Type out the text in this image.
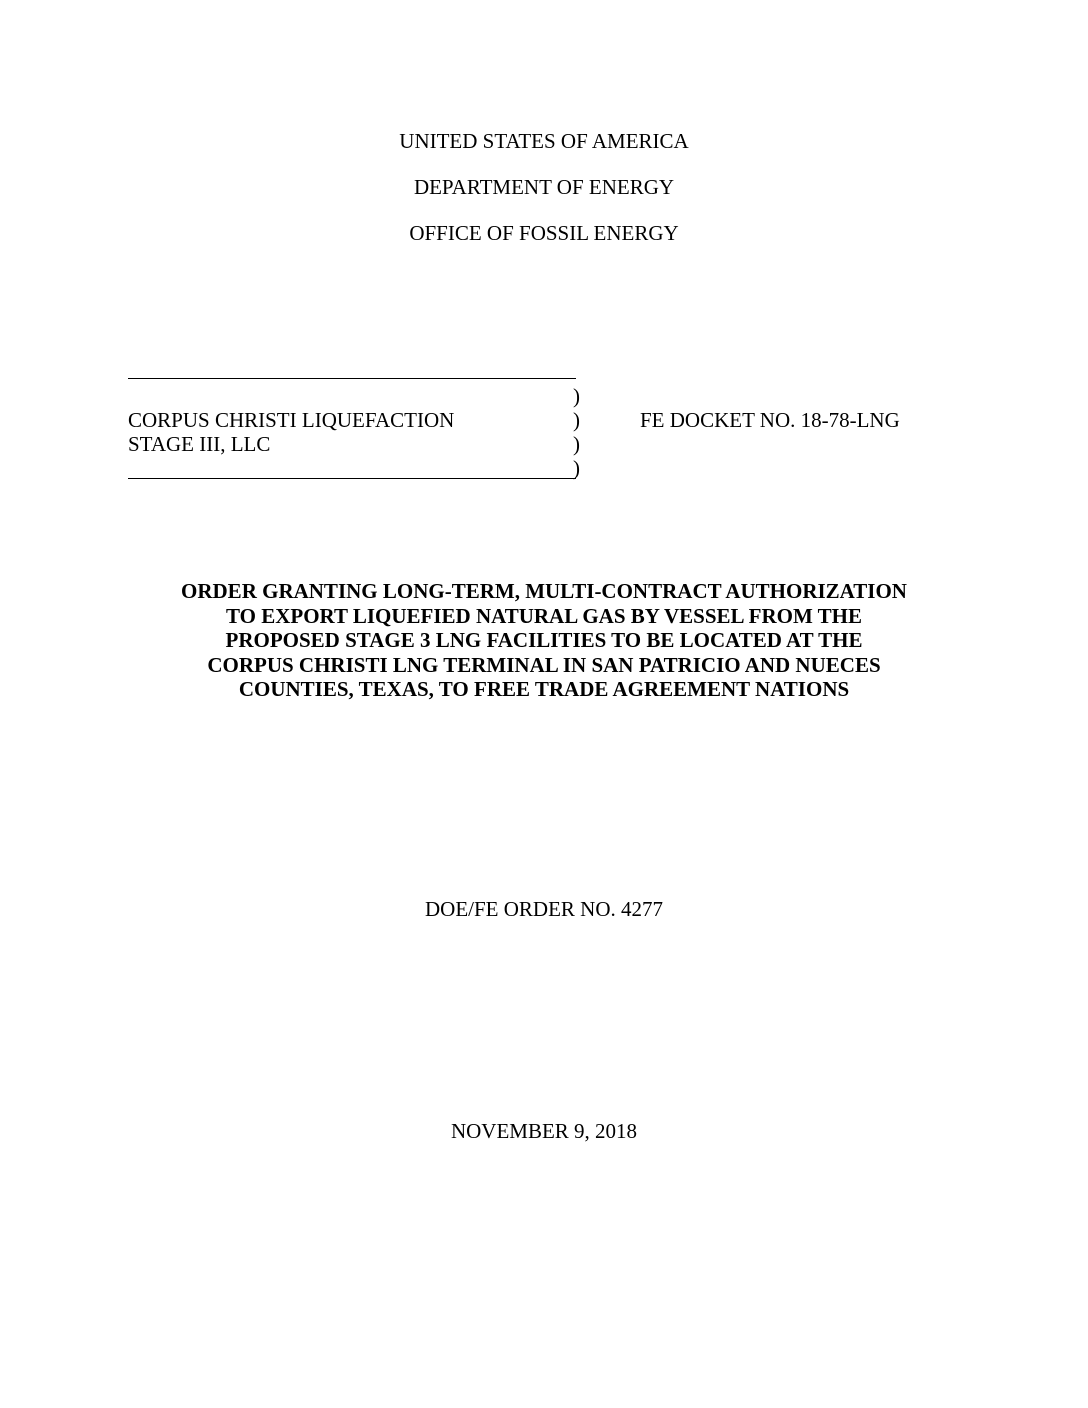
UNITED STATES OF AMERICA
DEPARTMENT OF ENERGY
OFFICE OF FOSSIL ENERGY
)
)
)
)
CORPUS CHRISTI LIQUEFACTION
STAGE III, LLC
FE DOCKET NO. 18-78-LNG
ORDER GRANTING LONG-TERM, MULTI-CONTRACT AUTHORIZATION
TO EXPORT LIQUEFIED NATURAL GAS BY VESSEL FROM THE
PROPOSED STAGE 3 LNG FACILITIES TO BE LOCATED AT THE
CORPUS CHRISTI LNG TERMINAL IN SAN PATRICIO AND NUECES
COUNTIES, TEXAS, TO FREE TRADE AGREEMENT NATIONS
DOE/FE ORDER NO. 4277
NOVEMBER 9, 2018
